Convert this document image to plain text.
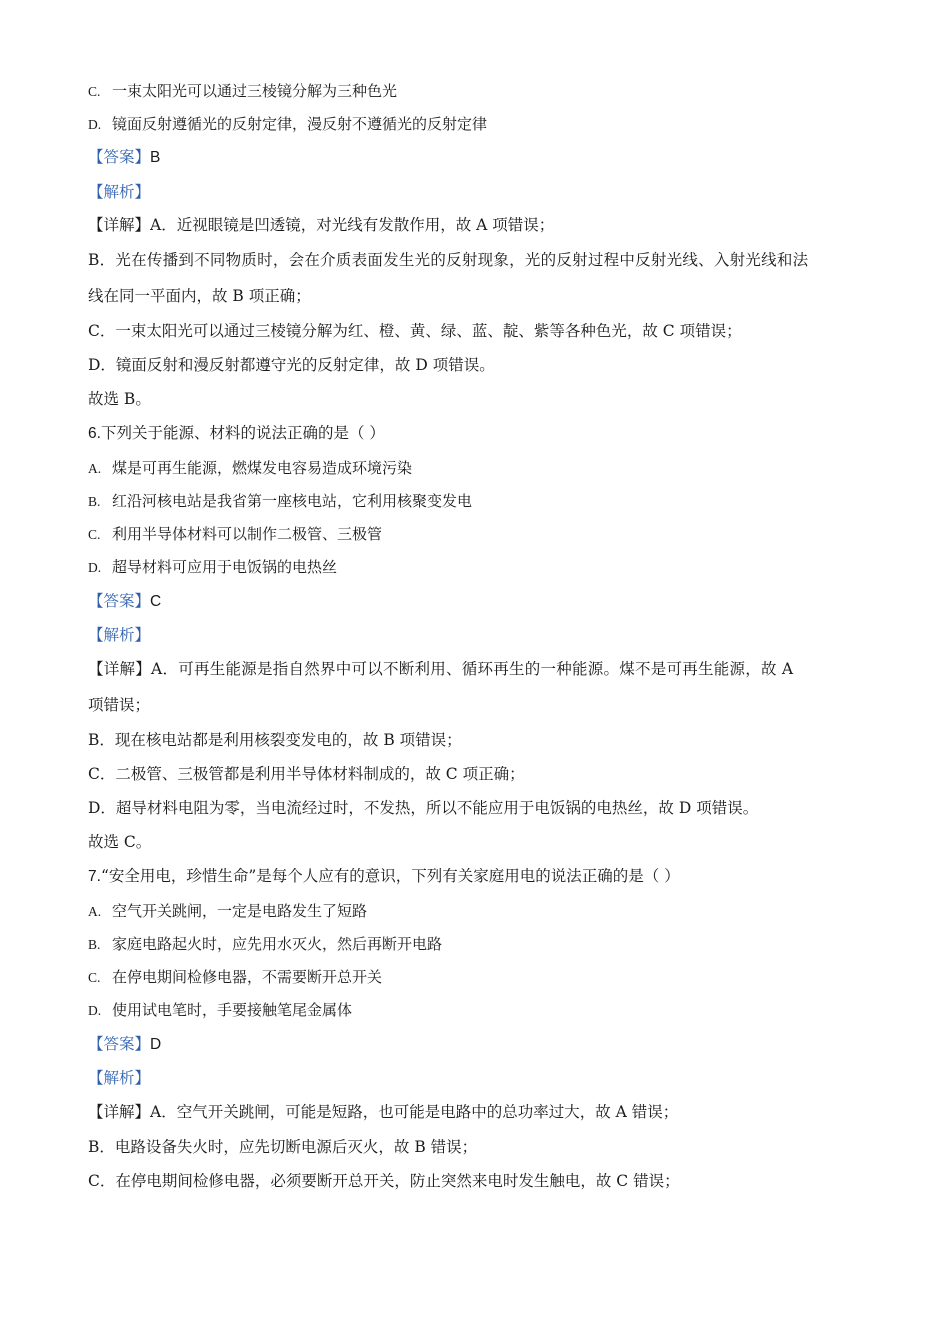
C. 一束太阳光可以通过三棱镜分解为三种色光
D. 镜面反射遵循光的反射定律，漫反射不遵循光的反射定律
【答案】B
【解析】
【详解】A．近视眼镜是凹透镜，对光线有发散作用，故 A 项错误；
B．光在传播到不同物质时，会在介质表面发生光的反射现象，光的反射过程中反射光线、入射光线和法
线在同一平面内，故 B 项正确；
C．一束太阳光可以通过三棱镜分解为红、橙、黄、绿、蓝、靛、紫等各种色光，故 C 项错误；
D．镜面反射和漫反射都遵守光的反射定律，故 D 项错误。
故选 B。
6.下列关于能源、材料的说法正确的是（ ）
A. 煤是可再生能源，燃煤发电容易造成环境污染
B. 红沿河核电站是我省第一座核电站，它利用核聚变发电
C. 利用半导体材料可以制作二极管、三极管
D. 超导材料可应用于电饭锅的电热丝
【答案】C
【解析】
【详解】A．可再生能源是指自然界中可以不断利用、循环再生的一种能源。煤不是可再生能源，故 A
项错误；
B．现在核电站都是利用核裂变发电的，故 B 项错误；
C．二极管、三极管都是利用半导体材料制成的，故 C 项正确；
D．超导材料电阻为零，当电流经过时，不发热，所以不能应用于电饭锅的电热丝，故 D 项错误。
故选 C。
7.“安全用电，珍惜生命”是每个人应有的意识，下列有关家庭用电的说法正确的是（ ）
A. 空气开关跳闸，一定是电路发生了短路
B. 家庭电路起火时，应先用水灭火，然后再断开电路
C. 在停电期间检修电器，不需要断开总开关
D. 使用试电笔时，手要接触笔尾金属体
【答案】D
【解析】
【详解】A．空气开关跳闸，可能是短路，也可能是电路中的总功率过大，故 A 错误；
B．电路设备失火时，应先切断电源后灭火，故 B 错误；
C．在停电期间检修电器，必须要断开总开关，防止突然来电时发生触电，故 C 错误；
